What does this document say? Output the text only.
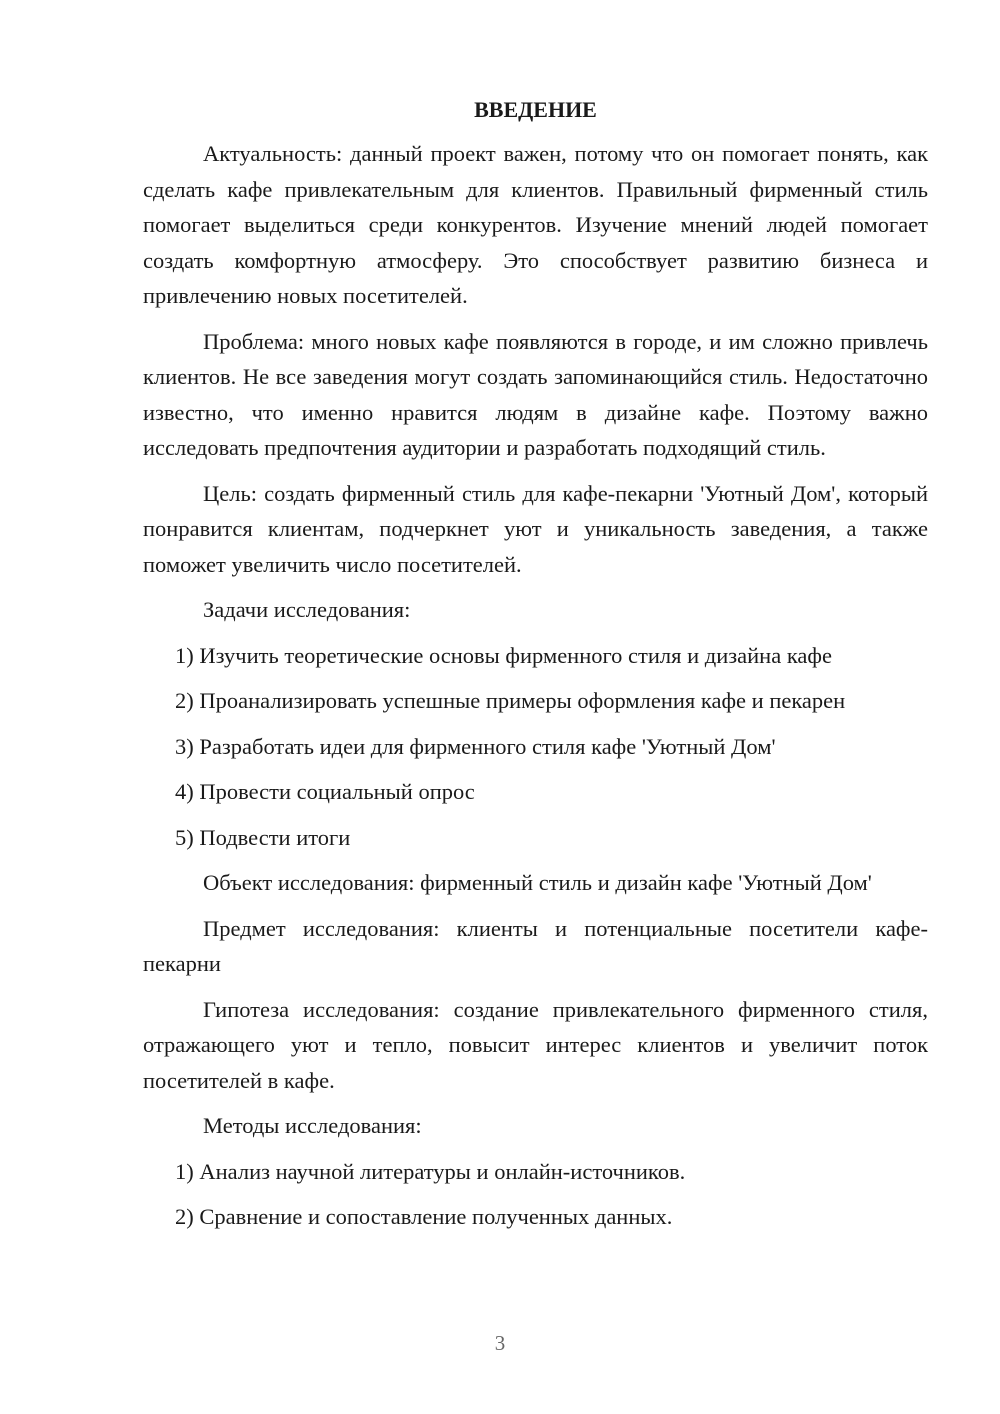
ВВЕДЕНИЕ

Актуальность: данный проект важен, потому что он помогает понять, как сделать кафе привлекательным для клиентов. Правильный фирменный стиль помогает выделиться среди конкурентов. Изучение мнений людей помогает создать комфортную атмосферу. Это способствует развитию бизнеса и привлечению новых посетителей.

Проблема: много новых кафе появляются в городе, и им сложно привлечь клиентов. Не все заведения могут создать запоминающийся стиль. Недостаточно известно, что именно нравится людям в дизайне кафе. Поэтому важно исследовать предпочтения аудитории и разработать подходящий стиль.

Цель: создать фирменный стиль для кафе-пекарни 'Уютный Дом', который понравится клиентам, подчеркнет уют и уникальность заведения, а также поможет увеличить число посетителей.

Задачи исследования:

1) Изучить теоретические основы фирменного стиля и дизайна кафе
2) Проанализировать успешные примеры оформления кафе и пекарен
3) Разработать идеи для фирменного стиля кафе 'Уютный Дом'
4) Провести социальный опрос
5) Подвести итоги

Объект исследования: фирменный стиль и дизайн кафе 'Уютный Дом'

Предмет исследования: клиенты и потенциальные посетители кафе-пекарни

Гипотеза исследования: создание привлекательного фирменного стиля, отражающего уют и тепло, повысит интерес клиентов и увеличит поток посетителей в кафе.

Методы исследования:

1) Анализ научной литературы и онлайн-источников.
2) Сравнение и сопоставление полученных данных.
3
